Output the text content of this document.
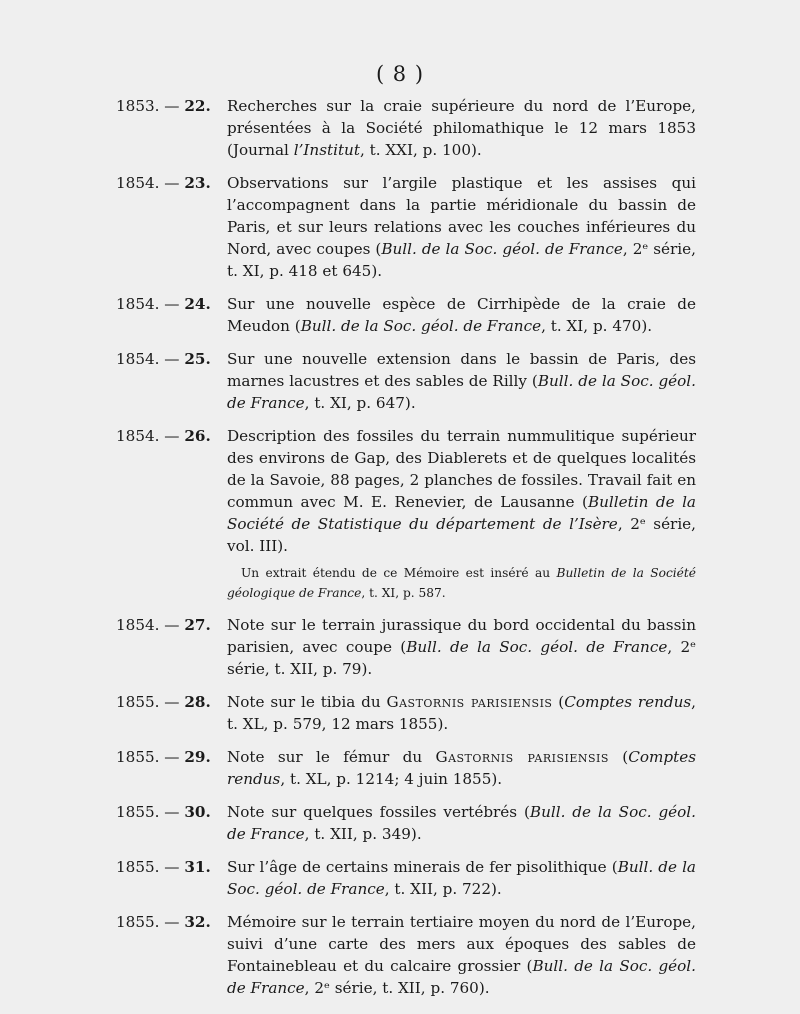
( 8 )
1853. — 22.	Recherches sur la craie supérieure du nord de l’Europe, présentées à la Société philomathique le 12 mars 1853 (Journal l’Institut, t. XXI, p. 100).
1854. — 23.	Observations sur l’argile plastique et les assises qui l’accompagnent dans la partie méridionale du bassin de Paris, et sur leurs relations avec les couches inférieures du Nord, avec coupes (Bull. de la Soc. géol. de France, 2ᵉ série, t. XI, p. 418 et 645).
1854. — 24.	Sur une nouvelle espèce de Cirrhipède de la craie de Meudon (Bull. de la Soc. géol. de France, t. XI, p. 470).
1854. — 25.	Sur une nouvelle extension dans le bassin de Paris, des marnes lacustres et des sables de Rilly (Bull. de la Soc. géol. de France, t. XI, p. 647).
1854. — 26.	Description des fossiles du terrain nummulitique supérieur des environs de Gap, des Diablerets et de quelques localités de la Savoie, 88 pages, 2 planches de fossiles. Travail fait en commun avec M. E. Renevier, de Lausanne (Bulletin de la Société de Statistique du département de l’Isère, 2ᵉ série, vol. III).
Un extrait étendu de ce Mémoire est inséré au Bulletin de la Société géologique de France, t. XI, p. 587.
1854. — 27.	Note sur le terrain jurassique du bord occidental du bassin parisien, avec coupe (Bull. de la Soc. géol. de France, 2ᵉ série, t. XII, p. 79).
1855. — 28.	Note sur le tibia du Gastornis parisiensis (Comptes rendus, t. XL, p. 579, 12 mars 1855).
1855. — 29.	Note sur le fémur du Gastornis parisiensis (Comptes rendus, t. XL, p. 1214; 4 juin 1855).
1855. — 30.	Note sur quelques fossiles vertébrés (Bull. de la Soc. géol. de France, t. XII, p. 349).
1855. — 31.	Sur l’âge de certains minerais de fer pisolithique (Bull. de la Soc. géol. de France, t. XII, p. 722).
1855. — 32.	Mémoire sur le terrain tertiaire moyen du nord de l’Europe, suivi d’une carte des mers aux époques des sables de Fontainebleau et du calcaire grossier (Bull. de la Soc. géol. de France, 2ᵉ série, t. XII, p. 760).
